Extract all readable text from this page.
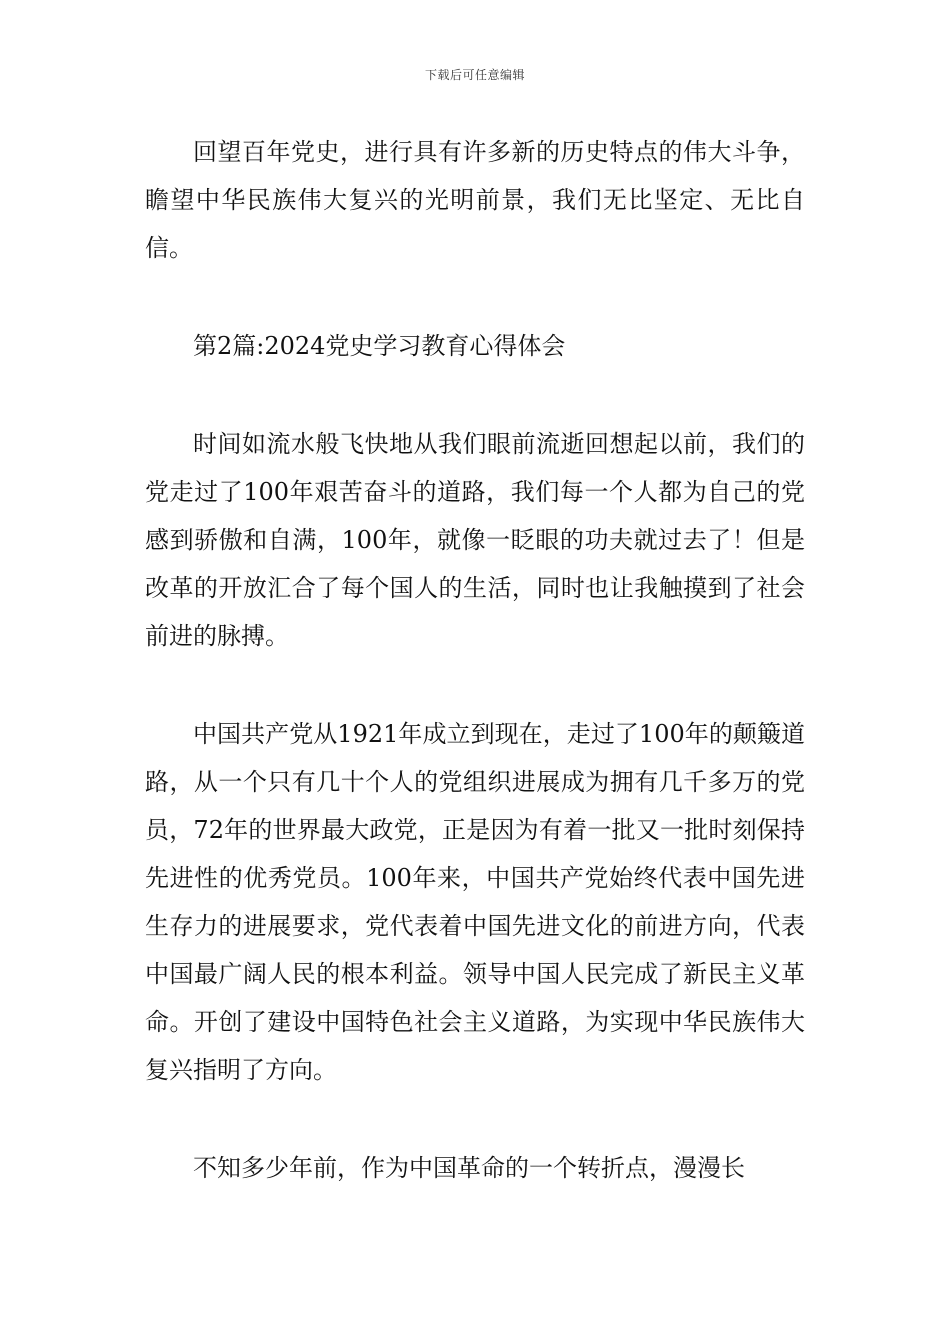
下载后可任意编辑

回望百年党史，进行具有许多新的历史特点的伟大斗争，瞻望中华民族伟大复兴的光明前景，我们无比坚定、无比自信。

第2篇:2024党史学习教育心得体会

时间如流水般飞快地从我们眼前流逝回想起以前，我们的党走过了100年艰苦奋斗的道路，我们每一个人都为自己的党感到骄傲和自满，100年，就像一眨眼的功夫就过去了！但是改革的开放汇合了每个国人的生活，同时也让我触摸到了社会前进的脉搏。

中国共产党从1921年成立到现在，走过了100年的颠簸道路，从一个只有几十个人的党组织进展成为拥有几千多万的党员，72年的世界最大政党，正是因为有着一批又一批时刻保持先进性的优秀党员。100年来，中国共产党始终代表中国先进生存力的进展要求，党代表着中国先进文化的前进方向，代表中国最广阔人民的根本利益。领导中国人民完成了新民主义革命。开创了建设中国特色社会主义道路，为实现中华民族伟大复兴指明了方向。

不知多少年前，作为中国革命的一个转折点，漫漫长
